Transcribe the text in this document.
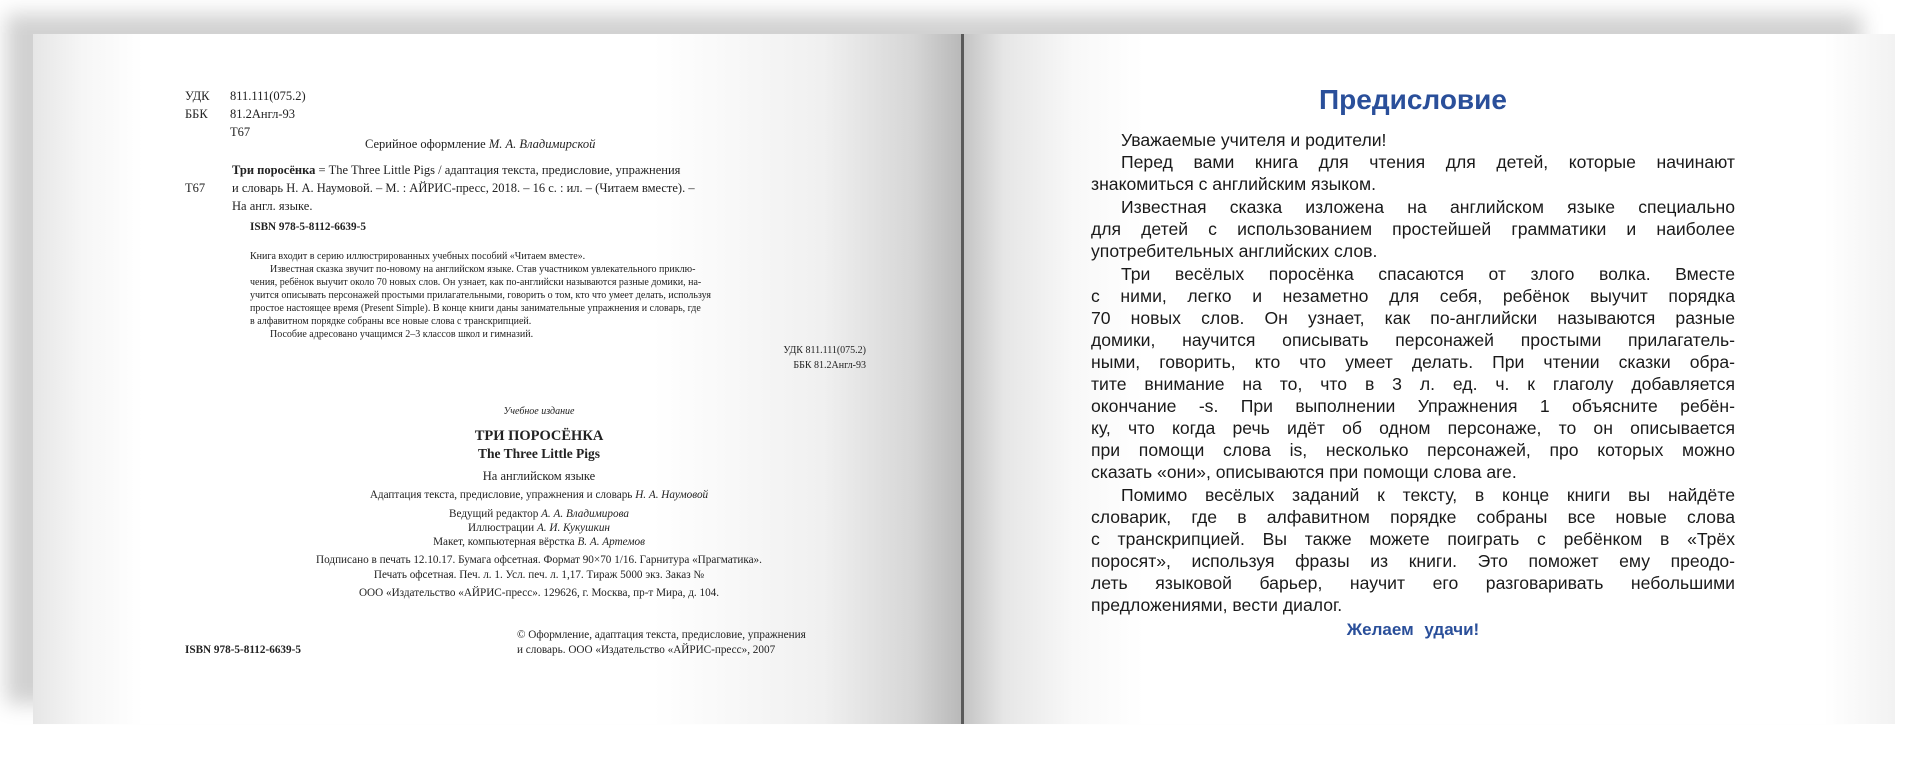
УДК 811.111(075.2)
ББК 81.2Англ-93
Т67
Серийное оформление М. А. Владимирской
Три поросёнка = The Three Little Pigs / адаптация текста, предисловие, упражнения
Т67 и словарь Н. А. Наумовой. – М. : АЙРИС-пресс, 2018. – 16 с. : ил. – (Читаем вместе). –
На англ. языке.
ISBN 978-5-8112-6639-5
Книга входит в серию иллюстрированных учебных пособий «Читаем вместе».
Известная сказка звучит по-новому на английском языке. Став участником увлекательного приклю-
чения, ребёнок выучит около 70 новых слов. Он узнает, как по-английски называются разные домики, на-
учится описывать персонажей простыми прилагательными, говорить о том, кто что умеет делать, используя
простое настоящее время (Present Simple). В конце книги даны занимательные упражнения и словарь, где
в алфавитном порядке собраны все новые слова с транскрипцией.
Пособие адресовано учащимся 2–3 классов школ и гимназий.
УДК 811.111(075.2)
ББК 81.2Англ-93
Учебное издание
ТРИ ПОРОСЁНКА
The Three Little Pigs
На английском языке
Адаптация текста, предисловие, упражнения и словарь Н. А. Наумовой
Ведущий редактор А. А. Владимирова
Иллюстрации А. И. Кукушкин
Макет, компьютерная вёрстка В. А. Артемов
Подписано в печать 12.10.17. Бумага офсетная. Формат 90×70 1/16. Гарнитура «Прагматика».
Печать офсетная. Печ. л. 1. Усл. печ. л. 1,17. Тираж 5000 экз. Заказ №
ООО «Издательство «АЙРИС-пресс». 129626, г. Москва, пр-т Мира, д. 104.
ISBN 978-5-8112-6639-5
© Оформление, адаптация текста, предисловие, упражнения
и словарь. ООО «Издательство «АЙРИС-пресс», 2007
Предисловие
Уважаемые учителя и родители!
Перед вами книга для чтения для детей, которые начинают
знакомиться с английским языком.
Известная сказка изложена на английском языке специально
для детей с использованием простейшей грамматики и наиболее
употребительных английских слов.
Три весёлых поросёнка спасаются от злого волка. Вместе
с ними, легко и незаметно для себя, ребёнок выучит порядка
70 новых слов. Он узнает, как по-английски называются разные
домики, научится описывать персонажей простыми прилагатель-
ными, говорить, кто что умеет делать. При чтении сказки обра-
тите внимание на то, что в 3 л. ед. ч. к глаголу добавляется
окончание -s. При выполнении Упражнения 1 объясните ребён-
ку, что когда речь идёт об одном персонаже, то он описывается
при помощи слова is, несколько персонажей, про которых можно
сказать «они», описываются при помощи слова are.
Помимо весёлых заданий к тексту, в конце книги вы найдёте
словарик, где в алфавитном порядке собраны все новые слова
с транскрипцией. Вы также можете поиграть с ребёнком в «Трёх
поросят», используя фразы из книги. Это поможет ему преодо-
леть языковой барьер, научит его разговаривать небольшими
предложениями, вести диалог.
Желаем удачи!
